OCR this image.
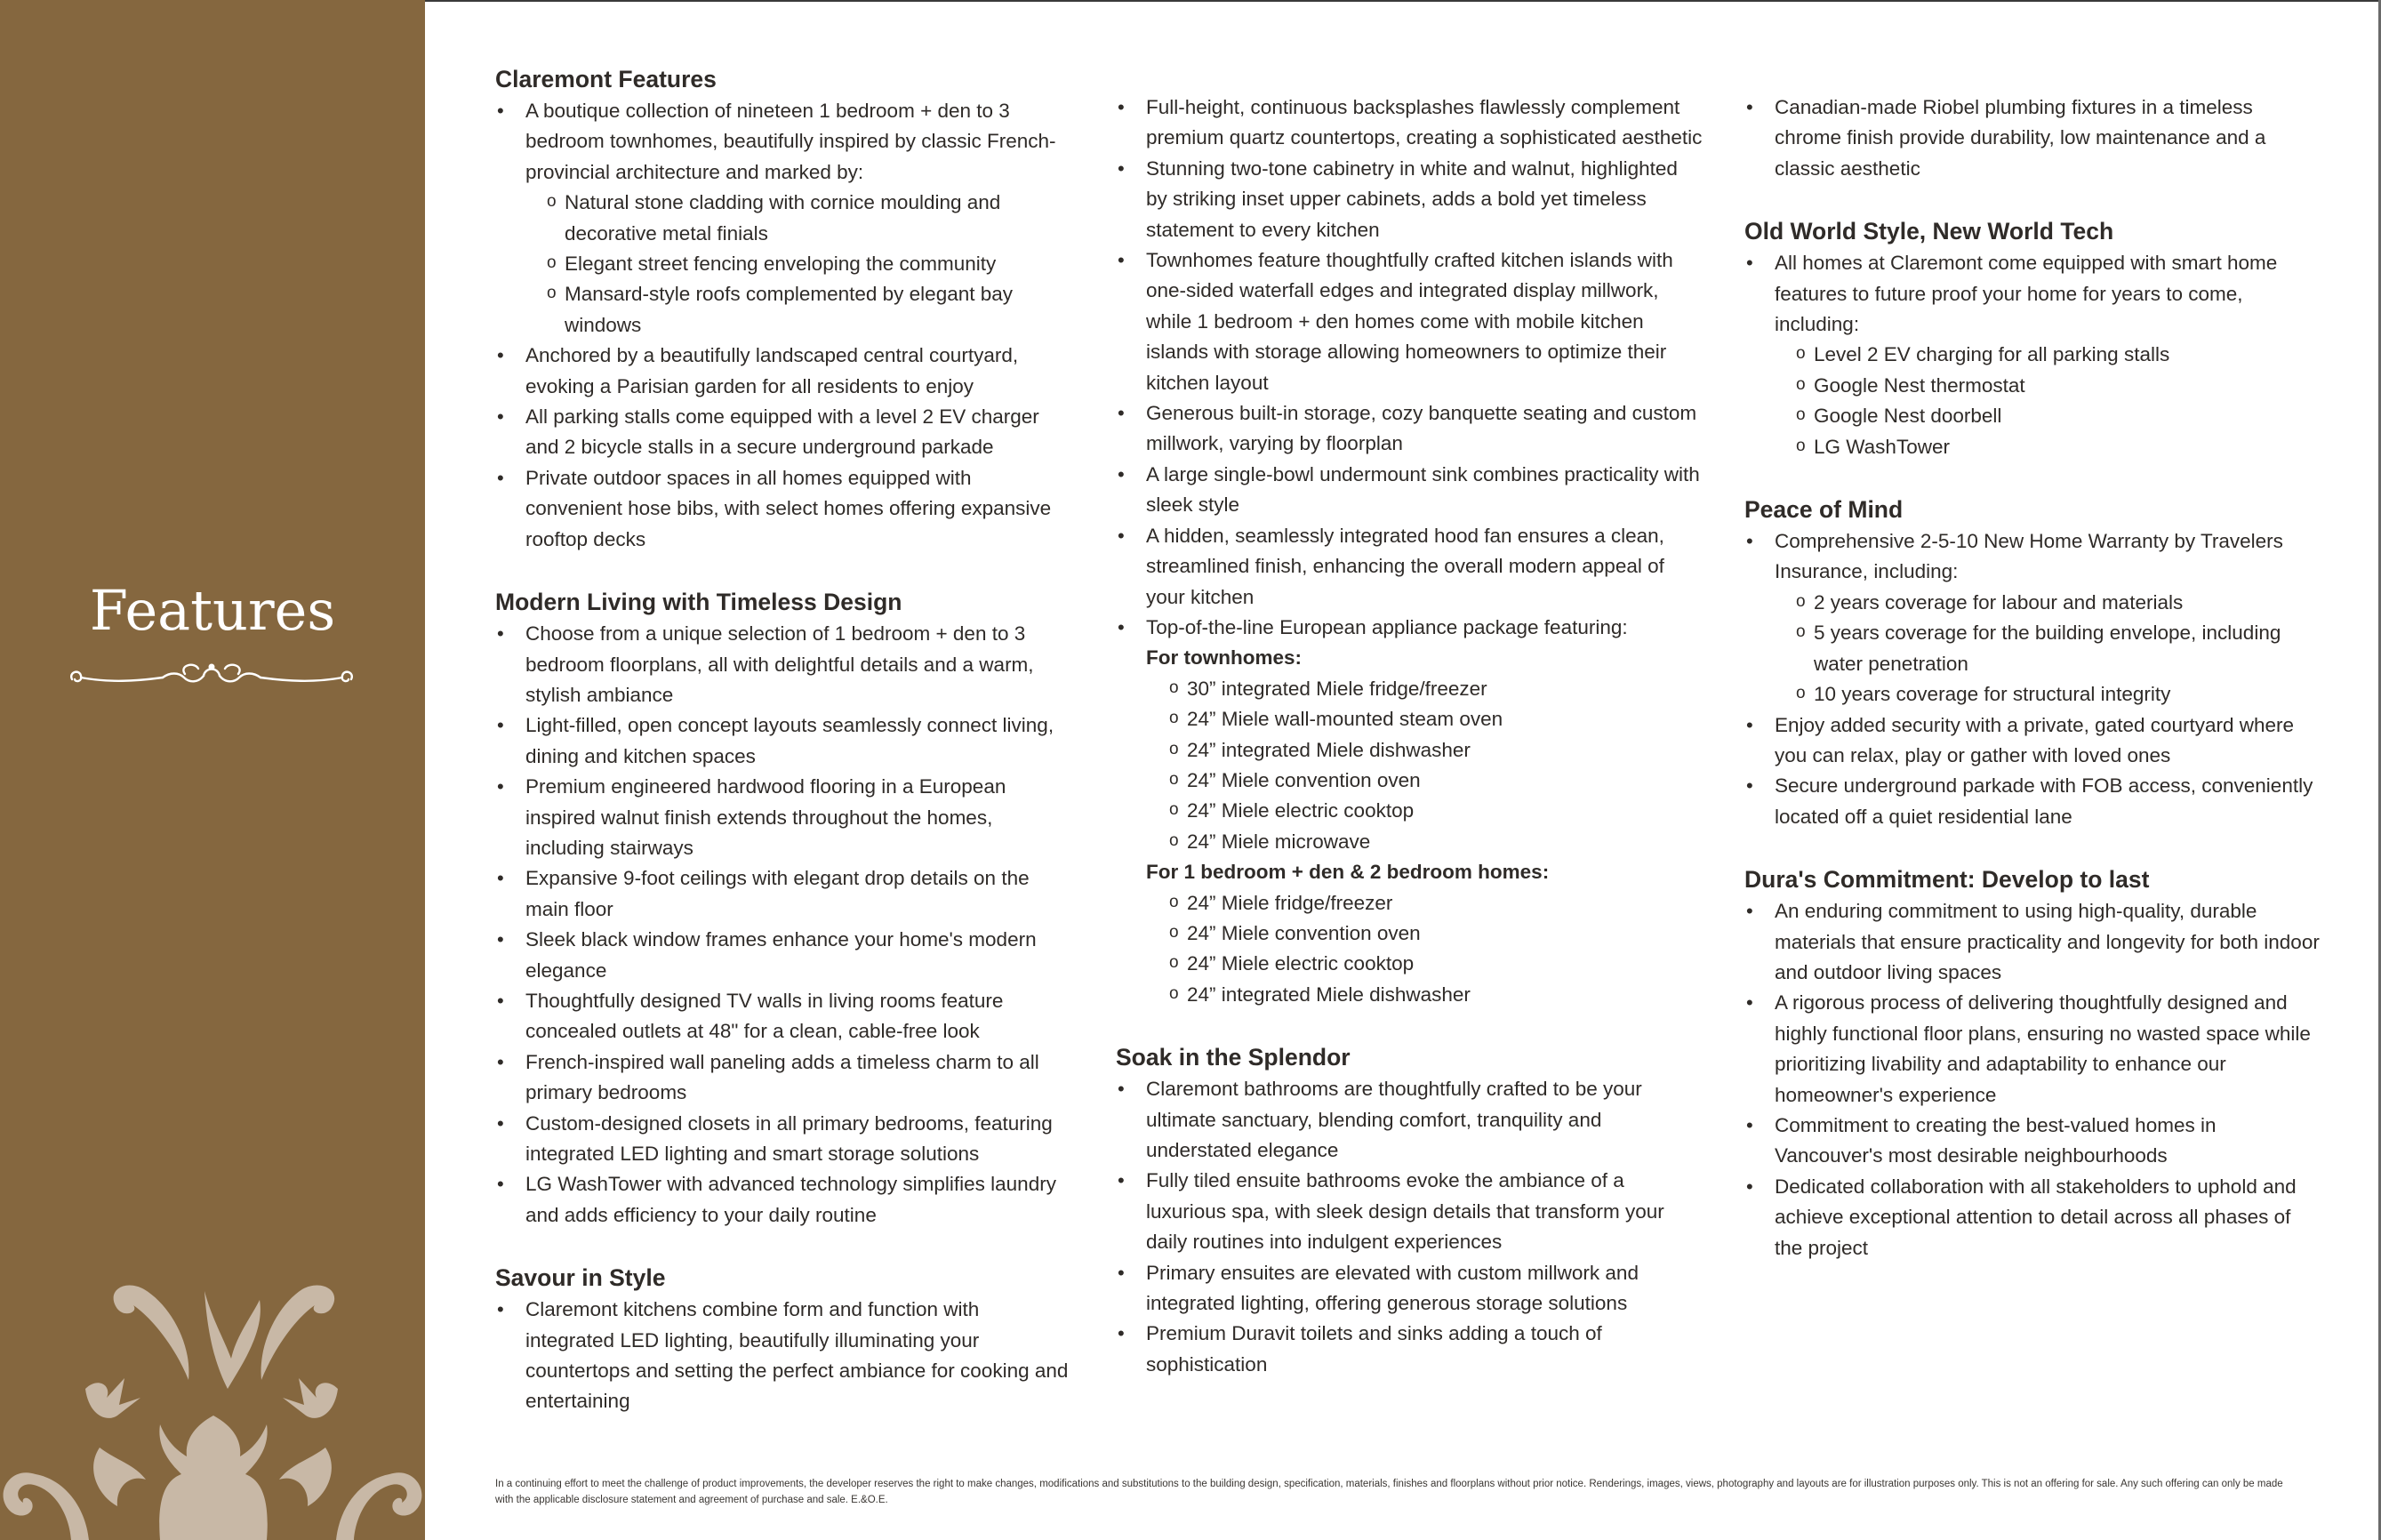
Features
Claremont Features
• A boutique collection of nineteen 1 bedroom + den to 3 bedroom townhomes, beautifully inspired by classic French-provincial architecture and marked by:
o Natural stone cladding with cornice moulding and decorative metal finials
o Elegant street fencing enveloping the community
o Mansard-style roofs complemented by elegant bay windows
• Anchored by a beautifully landscaped central courtyard, evoking a Parisian garden for all residents to enjoy
• All parking stalls come equipped with a level 2 EV charger and 2 bicycle stalls in a secure underground parkade
• Private outdoor spaces in all homes equipped with convenient hose bibs, with select homes offering expansive rooftop decks
Modern Living with Timeless Design
• Choose from a unique selection of 1 bedroom + den to 3 bedroom floorplans, all with delightful details and a warm, stylish ambiance
• Light-filled, open concept layouts seamlessly connect living, dining and kitchen spaces
• Premium engineered hardwood flooring in a European inspired walnut finish extends throughout the homes, including stairways
• Expansive 9-foot ceilings with elegant drop details on the main floor
• Sleek black window frames enhance your home's modern elegance
• Thoughtfully designed TV walls in living rooms feature concealed outlets at 48" for a clean, cable-free look
• French-inspired wall paneling adds a timeless charm to all primary bedrooms
• Custom-designed closets in all primary bedrooms, featuring integrated LED lighting and smart storage solutions
• LG WashTower with advanced technology simplifies laundry and adds efficiency to your daily routine
Savour in Style
• Claremont kitchens combine form and function with integrated LED lighting, beautifully illuminating your countertops and setting the perfect ambiance for cooking and entertaining
• Full-height, continuous backsplashes flawlessly complement premium quartz countertops, creating a sophisticated aesthetic
• Stunning two-tone cabinetry in white and walnut, highlighted by striking inset upper cabinets, adds a bold yet timeless statement to every kitchen
• Townhomes feature thoughtfully crafted kitchen islands with one-sided waterfall edges and integrated display millwork, while 1 bedroom + den homes come with mobile kitchen islands with storage allowing homeowners to optimize their kitchen layout
• Generous built-in storage, cozy banquette seating and custom millwork, varying by floorplan
• A large single-bowl undermount sink combines practicality with sleek style
• A hidden, seamlessly integrated hood fan ensures a clean, streamlined finish, enhancing the overall modern appeal of your kitchen
• Top-of-the-line European appliance package featuring:
For townhomes:
o 30” integrated Miele fridge/freezer
o 24” Miele wall-mounted steam oven
o 24” integrated Miele dishwasher
o 24” Miele convention oven
o 24” Miele electric cooktop
o 24” Miele microwave
For 1 bedroom + den & 2 bedroom homes:
o 24” Miele fridge/freezer
o 24” Miele convention oven
o 24” Miele electric cooktop
o 24” integrated Miele dishwasher
Soak in the Splendor
• Claremont bathrooms are thoughtfully crafted to be your ultimate sanctuary, blending comfort, tranquility and understated elegance
• Fully tiled ensuite bathrooms evoke the ambiance of a luxurious spa, with sleek design details that transform your daily routines into indulgent experiences
• Primary ensuites are elevated with custom millwork and integrated lighting, offering generous storage solutions
• Premium Duravit toilets and sinks adding a touch of sophistication
• Canadian-made Riobel plumbing fixtures in a timeless chrome finish provide durability, low maintenance and a classic aesthetic
Old World Style, New World Tech
• All homes at Claremont come equipped with smart home features to future proof your home for years to come, including:
o Level 2 EV charging for all parking stalls
o Google Nest thermostat
o Google Nest doorbell
o LG WashTower
Peace of Mind
• Comprehensive 2-5-10 New Home Warranty by Travelers Insurance, including:
o 2 years coverage for labour and materials
o 5 years coverage for the building envelope, including water penetration
o 10 years coverage for structural integrity
• Enjoy added security with a private, gated courtyard where you can relax, play or gather with loved ones
• Secure underground parkade with FOB access, conveniently located off a quiet residential lane
Dura's Commitment: Develop to last
• An enduring commitment to using high-quality, durable materials that ensure practicality and longevity for both indoor and outdoor living spaces
• A rigorous process of delivering thoughtfully designed and highly functional floor plans, ensuring no wasted space while prioritizing livability and adaptability to enhance our homeowner's experience
• Commitment to creating the best-valued homes in Vancouver's most desirable neighbourhoods
• Dedicated collaboration with all stakeholders to uphold and achieve exceptional attention to detail across all phases of the project
In a continuing effort to meet the challenge of product improvements, the developer reserves the right to make changes, modifications and substitutions to the building design, specification, materials, finishes and floorplans without prior notice. Renderings, images, views, photography and layouts are for illustration purposes only. This is not an offering for sale. Any such offering can only be made with the applicable disclosure statement and agreement of purchase and sale. E.&O.E.
